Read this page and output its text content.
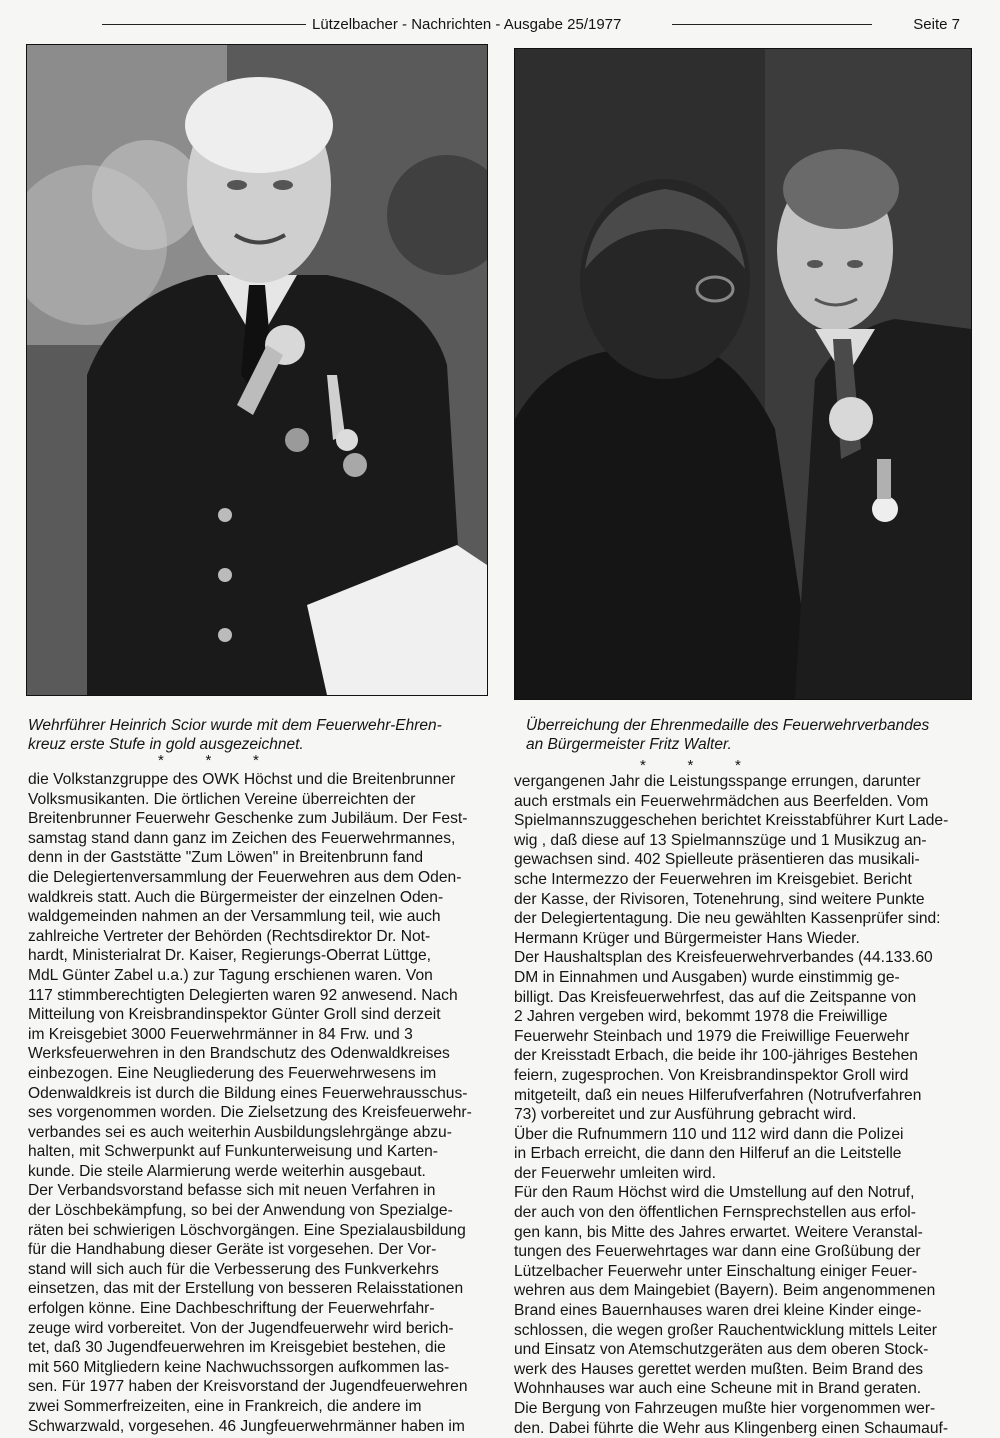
Lützelbacher - Nachrichten - Ausgabe 25/1977	Seite 7
Wehrführer Heinrich Scior wurde mit dem Feuerwehr-Ehren-
kreuz erste Stufe in gold ausgezeichnet.
Überreichung der Ehrenmedaille des Feuerwehrverbandes
an Bürgermeister Fritz Walter.
*          *          *	*          *          *
die Volkstanzgruppe des OWK Höchst und die Breitenbrunner
Volksmusikanten. Die örtlichen Vereine überreichten der
Breitenbrunner Feuerwehr Geschenke zum Jubiläum. Der Fest-
samstag stand dann ganz im Zeichen des Feuerwehrmannes,
denn in der Gaststätte "Zum Löwen" in Breitenbrunn fand
die Delegiertenversammlung der Feuerwehren aus dem Oden-
waldkreis statt. Auch die Bürgermeister der einzelnen Oden-
waldgemeinden nahmen an der Versammlung teil, wie auch
zahlreiche Vertreter der Behörden (Rechtsdirektor Dr. Not-
hardt, Ministerialrat Dr. Kaiser, Regierungs-Oberrat Lüttge,
MdL Günter Zabel u.a.) zur Tagung erschienen waren. Von
117 stimmberechtigten Delegierten waren 92 anwesend. Nach
Mitteilung von Kreisbrandinspektor Günter Groll sind derzeit
im Kreisgebiet 3000 Feuerwehrmänner in 84 Frw. und 3
Werksfeuerwehren in den Brandschutz des Odenwaldkreises
einbezogen. Eine Neugliederung des Feuerwehrwesens im
Odenwaldkreis ist durch die Bildung eines Feuerwehrausschus-
ses vorgenommen worden. Die Zielsetzung des Kreisfeuerwehr-
verbandes sei es auch weiterhin Ausbildungslehrgänge abzu-
halten, mit Schwerpunkt auf Funkunterweisung und Karten-
kunde. Die steile Alarmierung werde weiterhin ausgebaut.
Der Verbandsvorstand befasse sich mit neuen Verfahren in
der Löschbekämpfung, so bei der Anwendung von Spezialge-
räten bei schwierigen Löschvorgängen. Eine Spezialausbildung
für die Handhabung dieser Geräte ist vorgesehen. Der Vor-
stand will sich auch für die Verbesserung des Funkverkehrs
einsetzen, das mit der Erstellung von besseren Relaisstationen
erfolgen könne. Eine Dachbeschriftung der Feuerwehrfahr-
zeuge wird vorbereitet. Von der Jugendfeuerwehr wird berich-
tet, daß 30 Jugendfeuerwehren im Kreisgebiet bestehen, die
mit 560 Mitgliedern keine Nachwuchssorgen aufkommen las-
sen. Für 1977 haben der Kreisvorstand der Jugendfeuerwehren
zwei Sommerfreizeiten, eine in Frankreich, die andere im
Schwarzwald, vorgesehen. 46 Jungfeuerwehrmänner haben im
vergangenen Jahr die Leistungsspange errungen, darunter
auch erstmals ein Feuerwehrmädchen aus Beerfelden. Vom
Spielmannszuggeschehen berichtet Kreisstabführer Kurt Lade-
wig , daß diese auf 13 Spielmannszüge und 1 Musikzug an-
gewachsen sind. 402 Spielleute präsentieren das musikali-
sche Intermezzo der Feuerwehren im Kreisgebiet. Bericht
der Kasse, der Rivisoren, Totenehrung, sind weitere Punkte
der Delegiertentagung. Die neu gewählten Kassenprüfer sind:
Hermann Krüger und Bürgermeister Hans Wieder.
Der Haushaltsplan des Kreisfeuerwehrverbandes (44.133.60
DM in Einnahmen und Ausgaben) wurde einstimmig ge-
billigt. Das Kreisfeuerwehrfest, das auf die Zeitspanne von
2 Jahren vergeben wird, bekommt 1978 die Freiwillige
Feuerwehr Steinbach und 1979 die Freiwillige Feuerwehr
der Kreisstadt Erbach, die beide ihr 100-jähriges Bestehen
feiern, zugesprochen. Von Kreisbrandinspektor Groll wird
mitgeteilt, daß ein neues Hilferufverfahren (Notrufverfahren
73) vorbereitet und zur Ausführung gebracht wird.
Über die Rufnummern 110 und 112 wird dann die Polizei
in Erbach erreicht, die dann den Hilferuf an die Leitstelle
der Feuerwehr umleiten wird.
Für den Raum Höchst wird die Umstellung auf den Notruf,
der auch von den öffentlichen Fernsprechstellen aus erfol-
gen kann, bis Mitte des Jahres erwartet. Weitere Veranstal-
tungen des Feuerwehrtages war dann eine Großübung der
Lützelbacher Feuerwehr unter Einschaltung einiger Feuer-
wehren aus dem Maingebiet (Bayern). Beim angenommenen
Brand eines Bauernhauses waren drei kleine Kinder einge-
schlossen, die wegen großer Rauchentwicklung mittels Leiter
und Einsatz von Atemschutzgeräten aus dem oberen Stock-
werk des Hauses gerettet werden mußten. Beim Brand des
Wohnhauses war auch eine Scheune mit in Brand geraten.
Die Bergung von Fahrzeugen mußte hier vorgenommen wer-
den. Dabei führte die Wehr aus Klingenberg einen Schaumauf-
